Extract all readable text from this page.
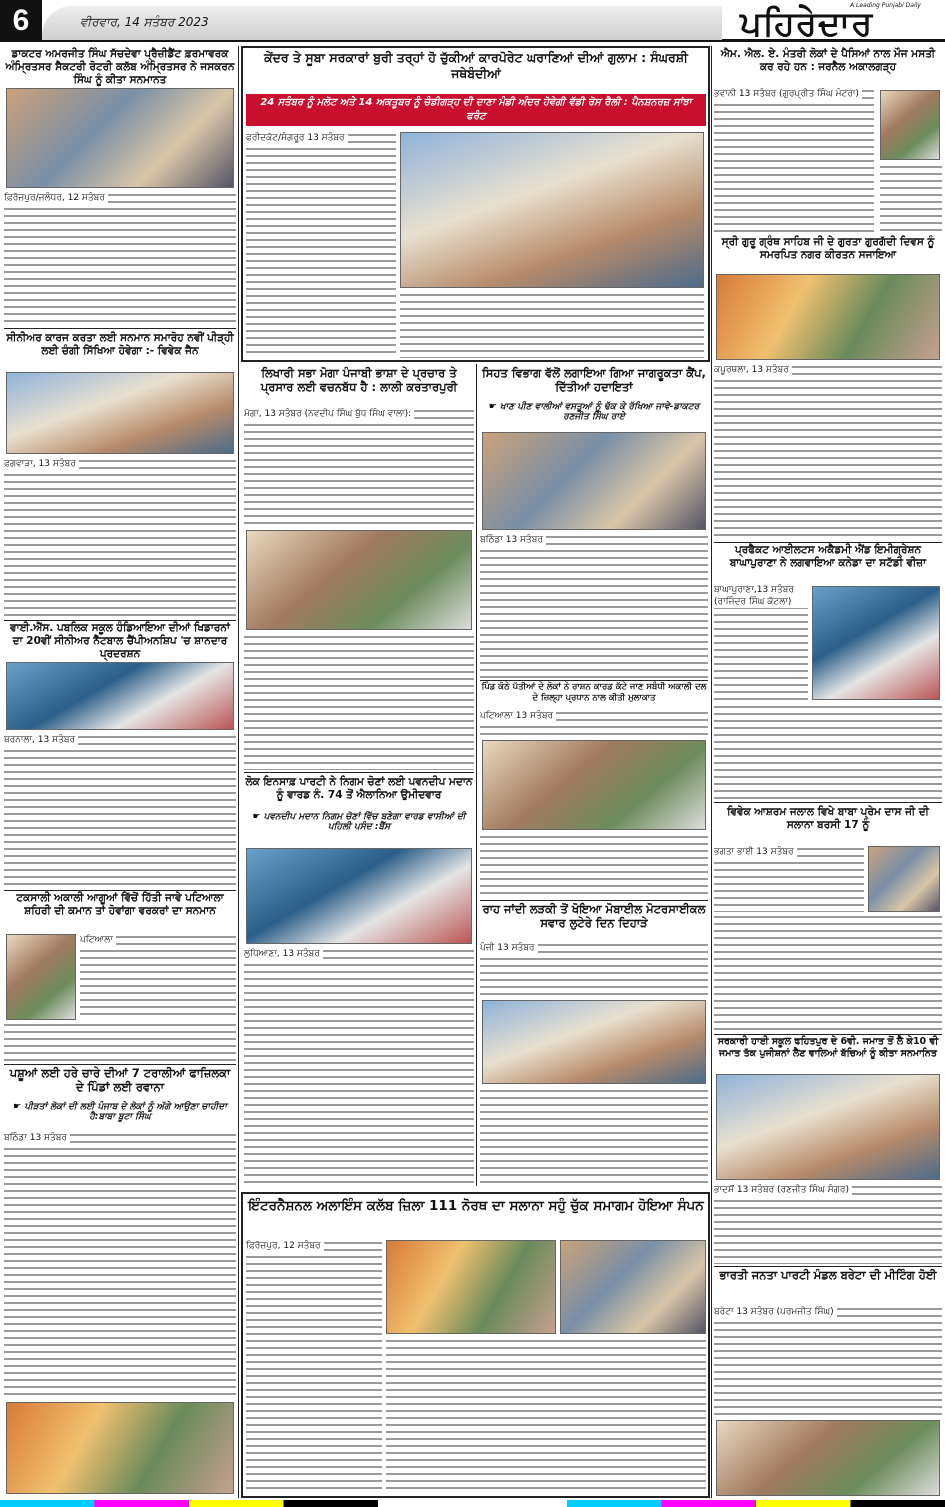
6	ਵੀਰਵਾਰ, 14 ਸਤੰਬਰ 2023	ਪਹਿਰੇਦਾਰ
A Leading Punjabi Daily
ਡਾਕਟਰ ਅਮਰਜੀਤ ਸਿੰਘ ਸੱਚਦੇਵਾ ਪ੍ਰੈਜ਼ੀਡੈਂਟ ਫ਼ਰਮਾਵਰਕ ਅੰਮ੍ਰਿਤਸਰ ਸੈਕਟਰੀ ਰੋਟਰੀ ਕਲੱਬ ਅੰਮ੍ਰਿਤਸਰ ਨੇ ਜਸਕਰਨ ਸਿੰਘ ਨੂੰ ਕੀਤਾ ਸਨਮਾਨਤ
ਫ਼ਿਰੋਜ਼ਪੁਰ/ਜਲੰਧਰ, 12 ਸਤੰਬਰ
ਸੀਨੀਅਰ ਕਾਰਜ ਕਰਤਾ ਲਈ ਸਨਮਾਨ ਸਮਾਰੋਹ ਨਵੀਂ ਪੀੜ੍ਹੀ ਲਈ ਚੰਗੀ ਸਿੱਖਿਆ ਹੋਵੇਗਾ :- ਵਿਵੇਕ ਜੈਨ
ਫ਼ਗਵਾੜਾ, 13 ਸਤੰਬਰ
ਵਾਈ.ਐੱਸ. ਪਬਲਿਕ ਸਕੂਲ ਹੰਡਿਆਇਆ ਦੀਆਂ ਖਿਡਾਰਨਾਂ ਦਾ 20ਵੀਂ ਸੀਨੀਅਰ ਨੈੱਟਬਾਲ ਚੈਂਪੀਅਨਸ਼ਿਪ 'ਚ ਸ਼ਾਨਦਾਰ ਪ੍ਰਦਰਸ਼ਨ
ਬਰਨਾਲਾ, 13 ਸਤੰਬਰ
ਟਕਸਾਲੀ ਅਕਾਲੀ ਆਗੂਆਂ ਵਿੱਚੋਂ ਹਿੱਤੀ ਜਾਵੇ ਪਟਿਆਲਾ ਸ਼ਹਿਰੀ ਦੀ ਕਮਾਨ ਤਾਂ ਹੋਵਾਂਗਾ ਵਰਕਰਾਂ ਦਾ ਸਨਮਾਨ
ਪਟਿਆਲਾ
ਪਸ਼ੂਆਂ ਲਈ ਹਰੇ ਚਾਰੇ ਦੀਆਂ 7 ਟਰਾਲੀਆਂ ਫਾਜ਼ਿਲਕਾ ਦੇ ਪਿੰਡਾਂ ਲਈ ਰਵਾਨਾ
☛ ਪੀੜਤਾਂ ਲੋਕਾਂ ਦੀ ਲਈ ਪੰਜਾਬ ਦੇ ਲੋਕਾਂ ਨੂੰ ਅੱਗੇ ਆਉਣਾ ਚਾਹੀਦਾ ਹੈ:ਬਾਬਾ ਬੂਟਾ ਸਿੰਘ
ਬਠਿੰਡਾ 13 ਸਤੰਬਰ
ਕੇਂਦਰ ਤੇ ਸੂਬਾ ਸਰਕਾਰਾਂ ਬੁਰੀ ਤਰ੍ਹਾਂ ਹੋ ਚੁੱਕੀਆਂ ਕਾਰਪੋਰੇਟ ਘਰਾਣਿਆਂ ਦੀਆਂ ਗੁਲਾਮ : ਸੰਘਰਸ਼ੀ ਜਥੇਬੰਦੀਆਂ
24 ਸਤੰਬਰ ਨੂੰ ਮਲੋਟ ਅਤੇ 14 ਅਕਤੂਬਰ ਨੂੰ ਚੰਡੀਗੜ੍ਹ ਦੀ ਦਾਣਾ ਮੰਡੀ ਅੰਦਰ ਹੋਵੇਗੀ ਵੱਡੀ ਰੋਸ ਰੈਲੀ : ਪੈਨਸ਼ਨਰਜ਼ ਸਾਂਝਾ ਫਰੰਟ
ਫਰੀਦਕੋਟ/ਸੰਗਰੂਰ 13 ਸਤੰਬਰ
ਲਿਖਾਰੀ ਸਭਾ ਮੋਗਾ ਪੰਜਾਬੀ ਭਾਸ਼ਾ ਦੇ ਪ੍ਰਚਾਰ ਤੇ ਪ੍ਰਸਾਰ ਲਈ ਵਚਨਬੱਧ ਹੈ : ਲਾਲੀ ਕਰਤਾਰਪੁਰੀ
ਮੋਗਾ, 13 ਸਤੰਬਰ (ਨਵਦੀਪ ਸਿੰਘ ਬੁੱਧ ਸਿੰਘ ਵਾਲਾ):
ਲੋਕ ਇਨਸਾਫ਼ ਪਾਰਟੀ ਨੇ ਨਿਗਮ ਚੋਣਾਂ ਲਈ ਪਵਨਦੀਪ ਮਦਾਨ ਨੂੰ ਵਾਰਡ ਨੰ. 74 ਤੋਂ ਐਲਾਨਿਆ ਉਮੀਦਵਾਰ
☛ ਪਵਨਦੀਪ ਮਦਾਨ ਨਿਗਮ ਚੋਣਾਂ ਵਿੱਚ ਬਣੇਗਾ ਵਾਰਡ ਵਾਸੀਆਂ ਦੀ ਪਹਿਲੀ ਪਸੰਦ :ਬੈਂਸ
ਲੁਧਿਆਣਾ, 13 ਸਤੰਬਰ
ਸਿਹਤ ਵਿਭਾਗ ਵੱਲੋਂ ਲਗਾਇਆ ਗਿਆ ਜਾਗਰੂਕਤਾ ਕੈਂਪ, ਦਿੱਤੀਆਂ ਹਦਾਇਤਾਂ
☛ ਖਾਣ ਪੀਣ ਵਾਲੀਆਂ ਵਸਤੂਆਂ ਨੂੰ ਢੱਕ ਕੇ ਰੱਖਿਆ ਜਾਵੇ-ਡਾਕਟਰ ਰਣਜੀਤ ਸਿੰਘ ਰਾਏ
ਬਠਿੰਡਾ 13 ਸਤੰਬਰ
ਪਿੰਡ ਕੋਠੇ ਪੱਤੀਆਂ ਦੇ ਲੋਕਾਂ ਨੇ ਰਾਸ਼ਨ ਕਾਰਡ ਕੱਟੇ ਜਾਣ ਸਬੰਧੀ ਅਕਾਲੀ ਦਲ ਦੇ ਜ਼ਿਲ੍ਹਾ ਪ੍ਰਧਾਨ ਨਾਲ ਕੀਤੀ ਮੁਲਾਕਾਤ
ਪਟਿਆਲਾ 13 ਸਤੰਬਰ
ਰਾਹ ਜਾਂਦੀ ਲੜਕੀ ਤੋਂ ਖੋਇਆ ਮੋਬਾਈਲ ਮੋਟਰਸਾਈਕਲ ਸਵਾਰ ਲੁਟੇਰੇ ਦਿਨ ਦਿਹਾੜੇ
ਪੰਜੀ 13 ਸਤੰਬਰ
ਇੰਟਰਨੈਸ਼ਨਲ ਅਲਾਇੰਸ ਕਲੱਬ ਜ਼ਿਲਾ 111 ਨੋਰਥ ਦਾ ਸਲਾਨਾ ਸਹੁੰ ਚੁੱਕ ਸਮਾਗਮ ਹੋਇਆ ਸੰਪਨ
ਫ਼ਿਰੋਜ਼ਪੁਰ, 12 ਸਤੰਬਰ
ਐਮ. ਐਲ. ਏ. ਮੰਤਰੀ ਲੋਕਾਂ ਦੇ ਪੈਸਿਆਂ ਨਾਲ ਮੌਜ ਮਸਤੀ ਕਰ ਰਹੇ ਹਨ : ਜਰਨੈਲ ਅਕਾਲਗੜ੍ਹ
ਭਵਾਨੀ 13 ਸਤੰਬਰ (ਗੁਰਪ੍ਰੀਤ ਸਿੰਘ ਮੰਟਰਾ)
ਸ੍ਰੀ ਗੁਰੂ ਗ੍ਰੰਥ ਸਾਹਿਬ ਜੀ ਦੇ ਗੁਰਤਾ ਗੁਰਗੱਦੀ ਦਿਵਸ ਨੂੰ ਸਮਰਪਿਤ ਨਗਰ ਕੀਰਤਨ ਸਜਾਇਆ
ਕਪੂਰਥਲਾ, 13 ਸਤੰਬਰ
ਪ੍ਰਫੈਕਟ ਆਈਲਟਸ ਅਕੈਡਮੀ ਐਂਡ ਇਮੀਗ੍ਰੇਸ਼ਨ ਬਾਘਾਪੁਰਾਣਾ ਨੇ ਲਗਵਾਇਆ ਕਨੇਡਾ ਦਾ ਸਟੱਡੀ ਵੀਜ਼ਾ
ਬਾਘਾਪੁਰਾਣਾ,13 ਸਤੰਬਰ (ਰਾਜਿੰਦਰ ਸਿੰਘ ਕੋਟਲਾ)
ਵਿਵੇਕ ਆਸ਼ਰਮ ਜਲਾਲ ਵਿਖੇ ਬਾਬਾ ਪ੍ਰੇਮ ਦਾਸ ਜੀ ਦੀ ਸਲਾਨਾ ਬਰਸੀ 17 ਨੂੰ
ਭਗਤਾ ਭਾਈ 13 ਸਤੰਬਰ
ਸਰਕਾਰੀ ਹਾਈ ਸਕੂਲ ਫਹਿਤਪੁਰ ਦੇ 6ਵੀ. ਜਮਾਤ ਤੋਂ ਲੈ ਕੇ10 ਵੀ ਜਮਾਤ ਤੱਕ ਪੁਜੀਸ਼ਨਾਂ ਲੈਣ ਵਾਲਿਆਂ ਬੱਚਿਆਂ ਨੂੰ ਕੀਤਾ ਸਨਮਾਨਿਤ
ਭਾਦਸੋਂ 13 ਸਤੰਬਰ (ਰਣਜੀਤ ਸਿੰਘ ਸੰਗਰ)
ਭਾਰਤੀ ਜਨਤਾ ਪਾਰਟੀ ਮੰਡਲ ਬਰੇਟਾ ਦੀ ਮੀਟਿੰਗ ਹੋਈ
ਬਰੇਟਾ 13 ਸਤੰਬਰ (ਪਰਮਜੀਤ ਸਿੰਘ)
